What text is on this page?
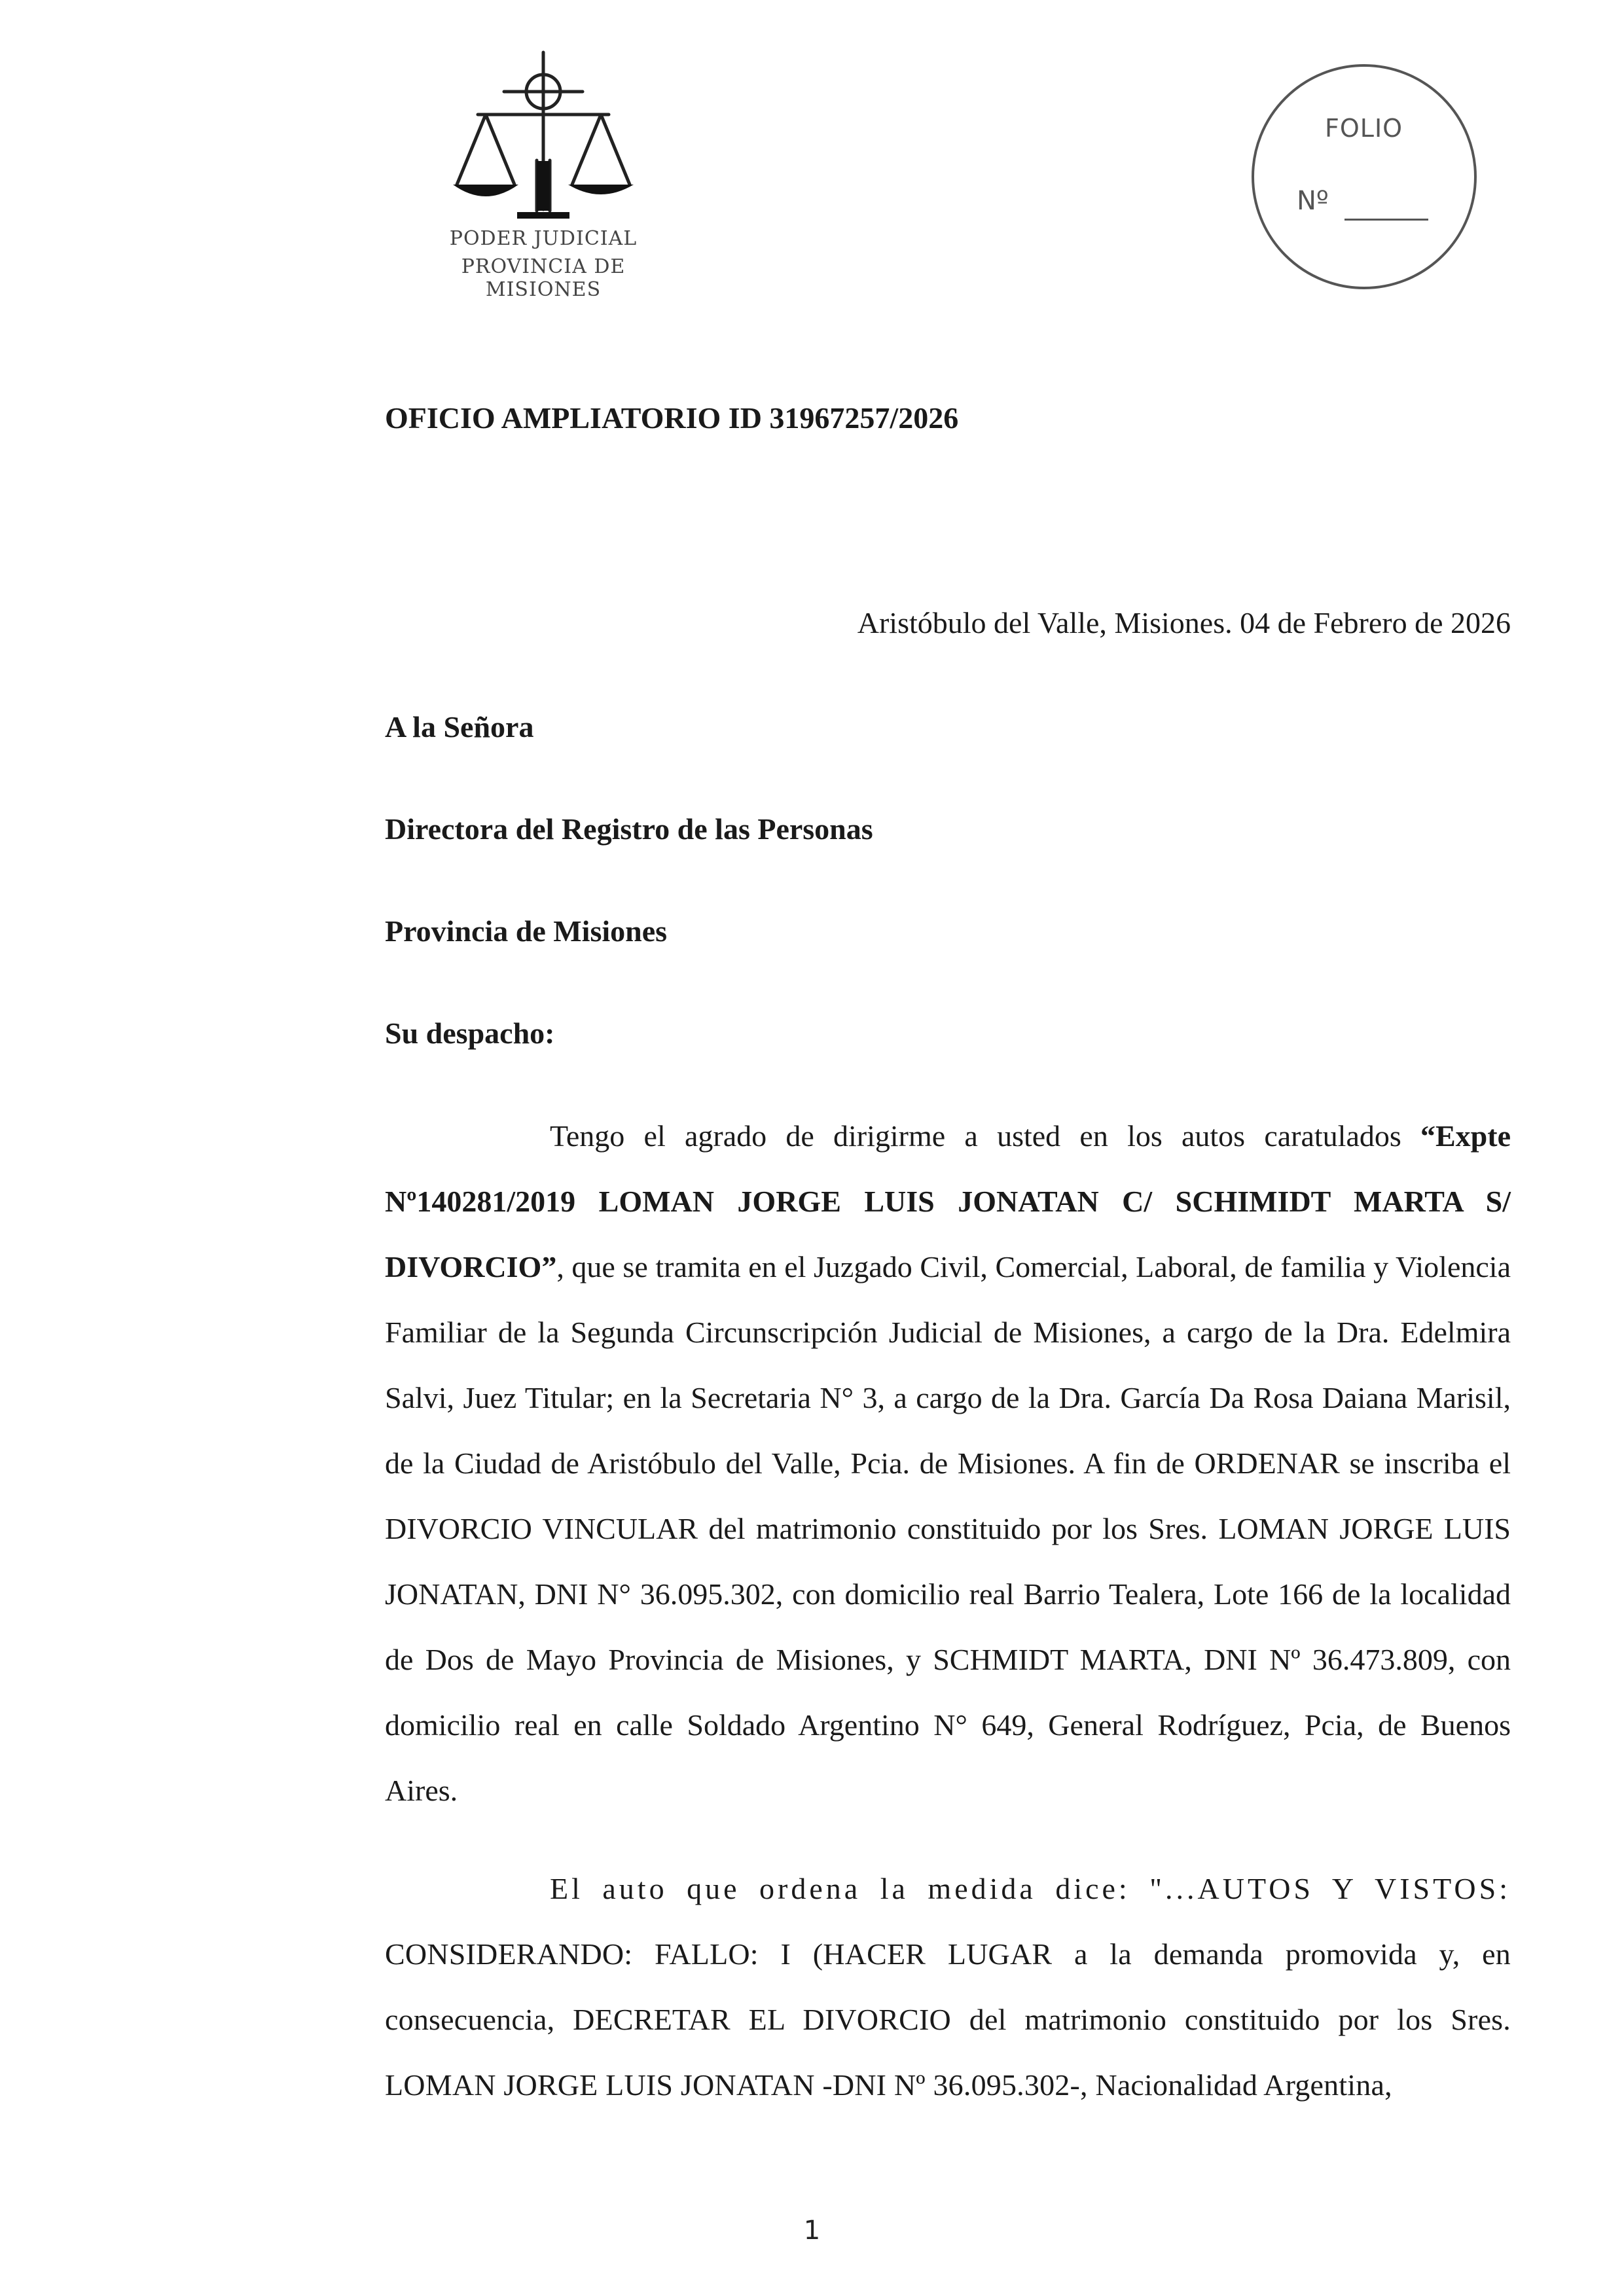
PODER JUDICIAL
PROVINCIA DE MISIONES
FOLIO
Nº
OFICIO AMPLIATORIO ID 31967257/2026
Aristóbulo del Valle, Misiones. 04 de Febrero de 2026
A la Señora
Directora del Registro de las Personas
Provincia de Misiones
Su despacho:
Tengo el agrado de dirigirme a usted en los autos caratulados “Expte Nº140281/2019 LOMAN JORGE LUIS JONATAN C/ SCHIMIDT MARTA S/ DIVORCIO”, que se tramita en el Juzgado Civil, Comercial, Laboral, de familia y Violencia Familiar de la Segunda Circunscripción Judicial de Misiones, a cargo de la Dra. Edelmira Salvi, Juez Titular; en la Secretaria N° 3, a cargo de la Dra. García Da Rosa Daiana Marisil, de la Ciudad de Aristóbulo del Valle, Pcia. de Misiones. A fin de ORDENAR se inscriba el DIVORCIO VINCULAR del matrimonio constituido por los Sres. LOMAN JORGE LUIS JONATAN, DNI N° 36.095.302, con domicilio real Barrio Tealera, Lote 166 de la localidad de Dos de Mayo Provincia de Misiones, y SCHMIDT MARTA, DNI Nº 36.473.809, con domicilio real en calle Soldado Argentino N° 649, General Rodríguez, Pcia, de Buenos Aires.
El auto que ordena la medida dice: "...AUTOS Y VISTOS: CONSIDERANDO: FALLO: I (HACER LUGAR a la demanda promovida y, en consecuencia, DECRETAR EL DIVORCIO del matrimonio constituido por los Sres. LOMAN JORGE LUIS JONATAN -DNI Nº 36.095.302-, Nacionalidad Argentina,
1
